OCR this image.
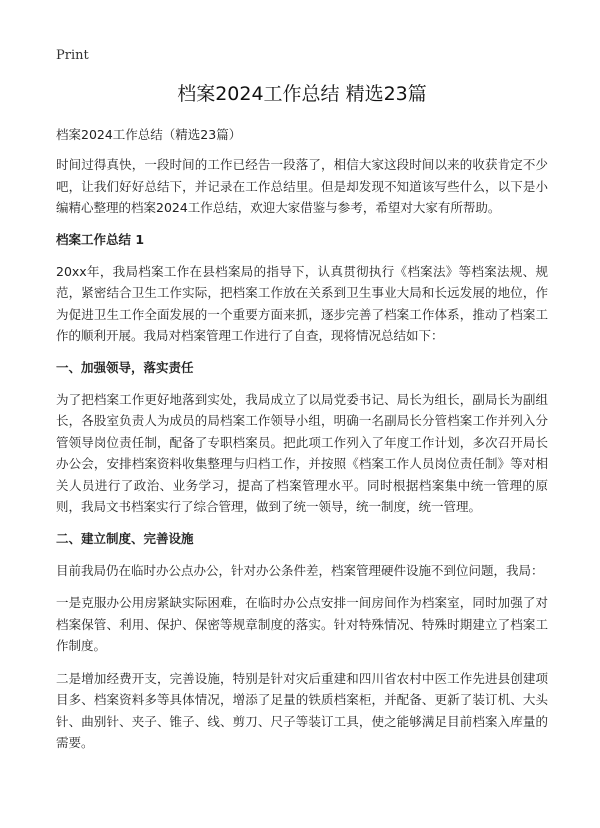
Print
档案2024工作总结 精选23篇

档案2024工作总结（精选23篇）

时间过得真快，一段时间的工作已经告一段落了，相信大家这段时间以来的收获肯定不少吧，让我们好好总结下，并记录在工作总结里。但是却发现不知道该写些什么，以下是小编精心整理的档案2024工作总结，欢迎大家借鉴与参考，希望对大家有所帮助。

档案工作总结 1

20xx年，我局档案工作在县档案局的指导下，认真贯彻执行《档案法》等档案法规、规范，紧密结合卫生工作实际，把档案工作放在关系到卫生事业大局和长远发展的地位，作为促进卫生工作全面发展的一个重要方面来抓，逐步完善了档案工作体系，推动了档案工作的顺利开展。我局对档案管理工作进行了自查，现将情况总结如下：

一、加强领导，落实责任

为了把档案工作更好地落到实处，我局成立了以局党委书记、局长为组长，副局长为副组长，各股室负责人为成员的局档案工作领导小组，明确一名副局长分管档案工作并列入分管领导岗位责任制，配备了专职档案员。把此项工作列入了年度工作计划，多次召开局长办公会，安排档案资料收集整理与归档工作，并按照《档案工作人员岗位责任制》等对相关人员进行了政治、业务学习，提高了档案管理水平。同时根据档案集中统一管理的原则，我局文书档案实行了综合管理，做到了统一领导，统一制度，统一管理。

二、建立制度、完善设施

目前我局仍在临时办公点办公，针对办公条件差，档案管理硬件设施不到位问题，我局：

一是克服办公用房紧缺实际困难，在临时办公点安排一间房间作为档案室，同时加强了对档案保管、利用、保护、保密等规章制度的落实。针对特殊情况、特殊时期建立了档案工作制度。

二是增加经费开支，完善设施，特别是针对灾后重建和四川省农村中医工作先进县创建项目多、档案资料多等具体情况，增添了足量的铁质档案柜，并配备、更新了装订机、大头针、曲别针、夹子、锥子、线、剪刀、尺子等装订工具，使之能够满足目前档案入库量的需要。
